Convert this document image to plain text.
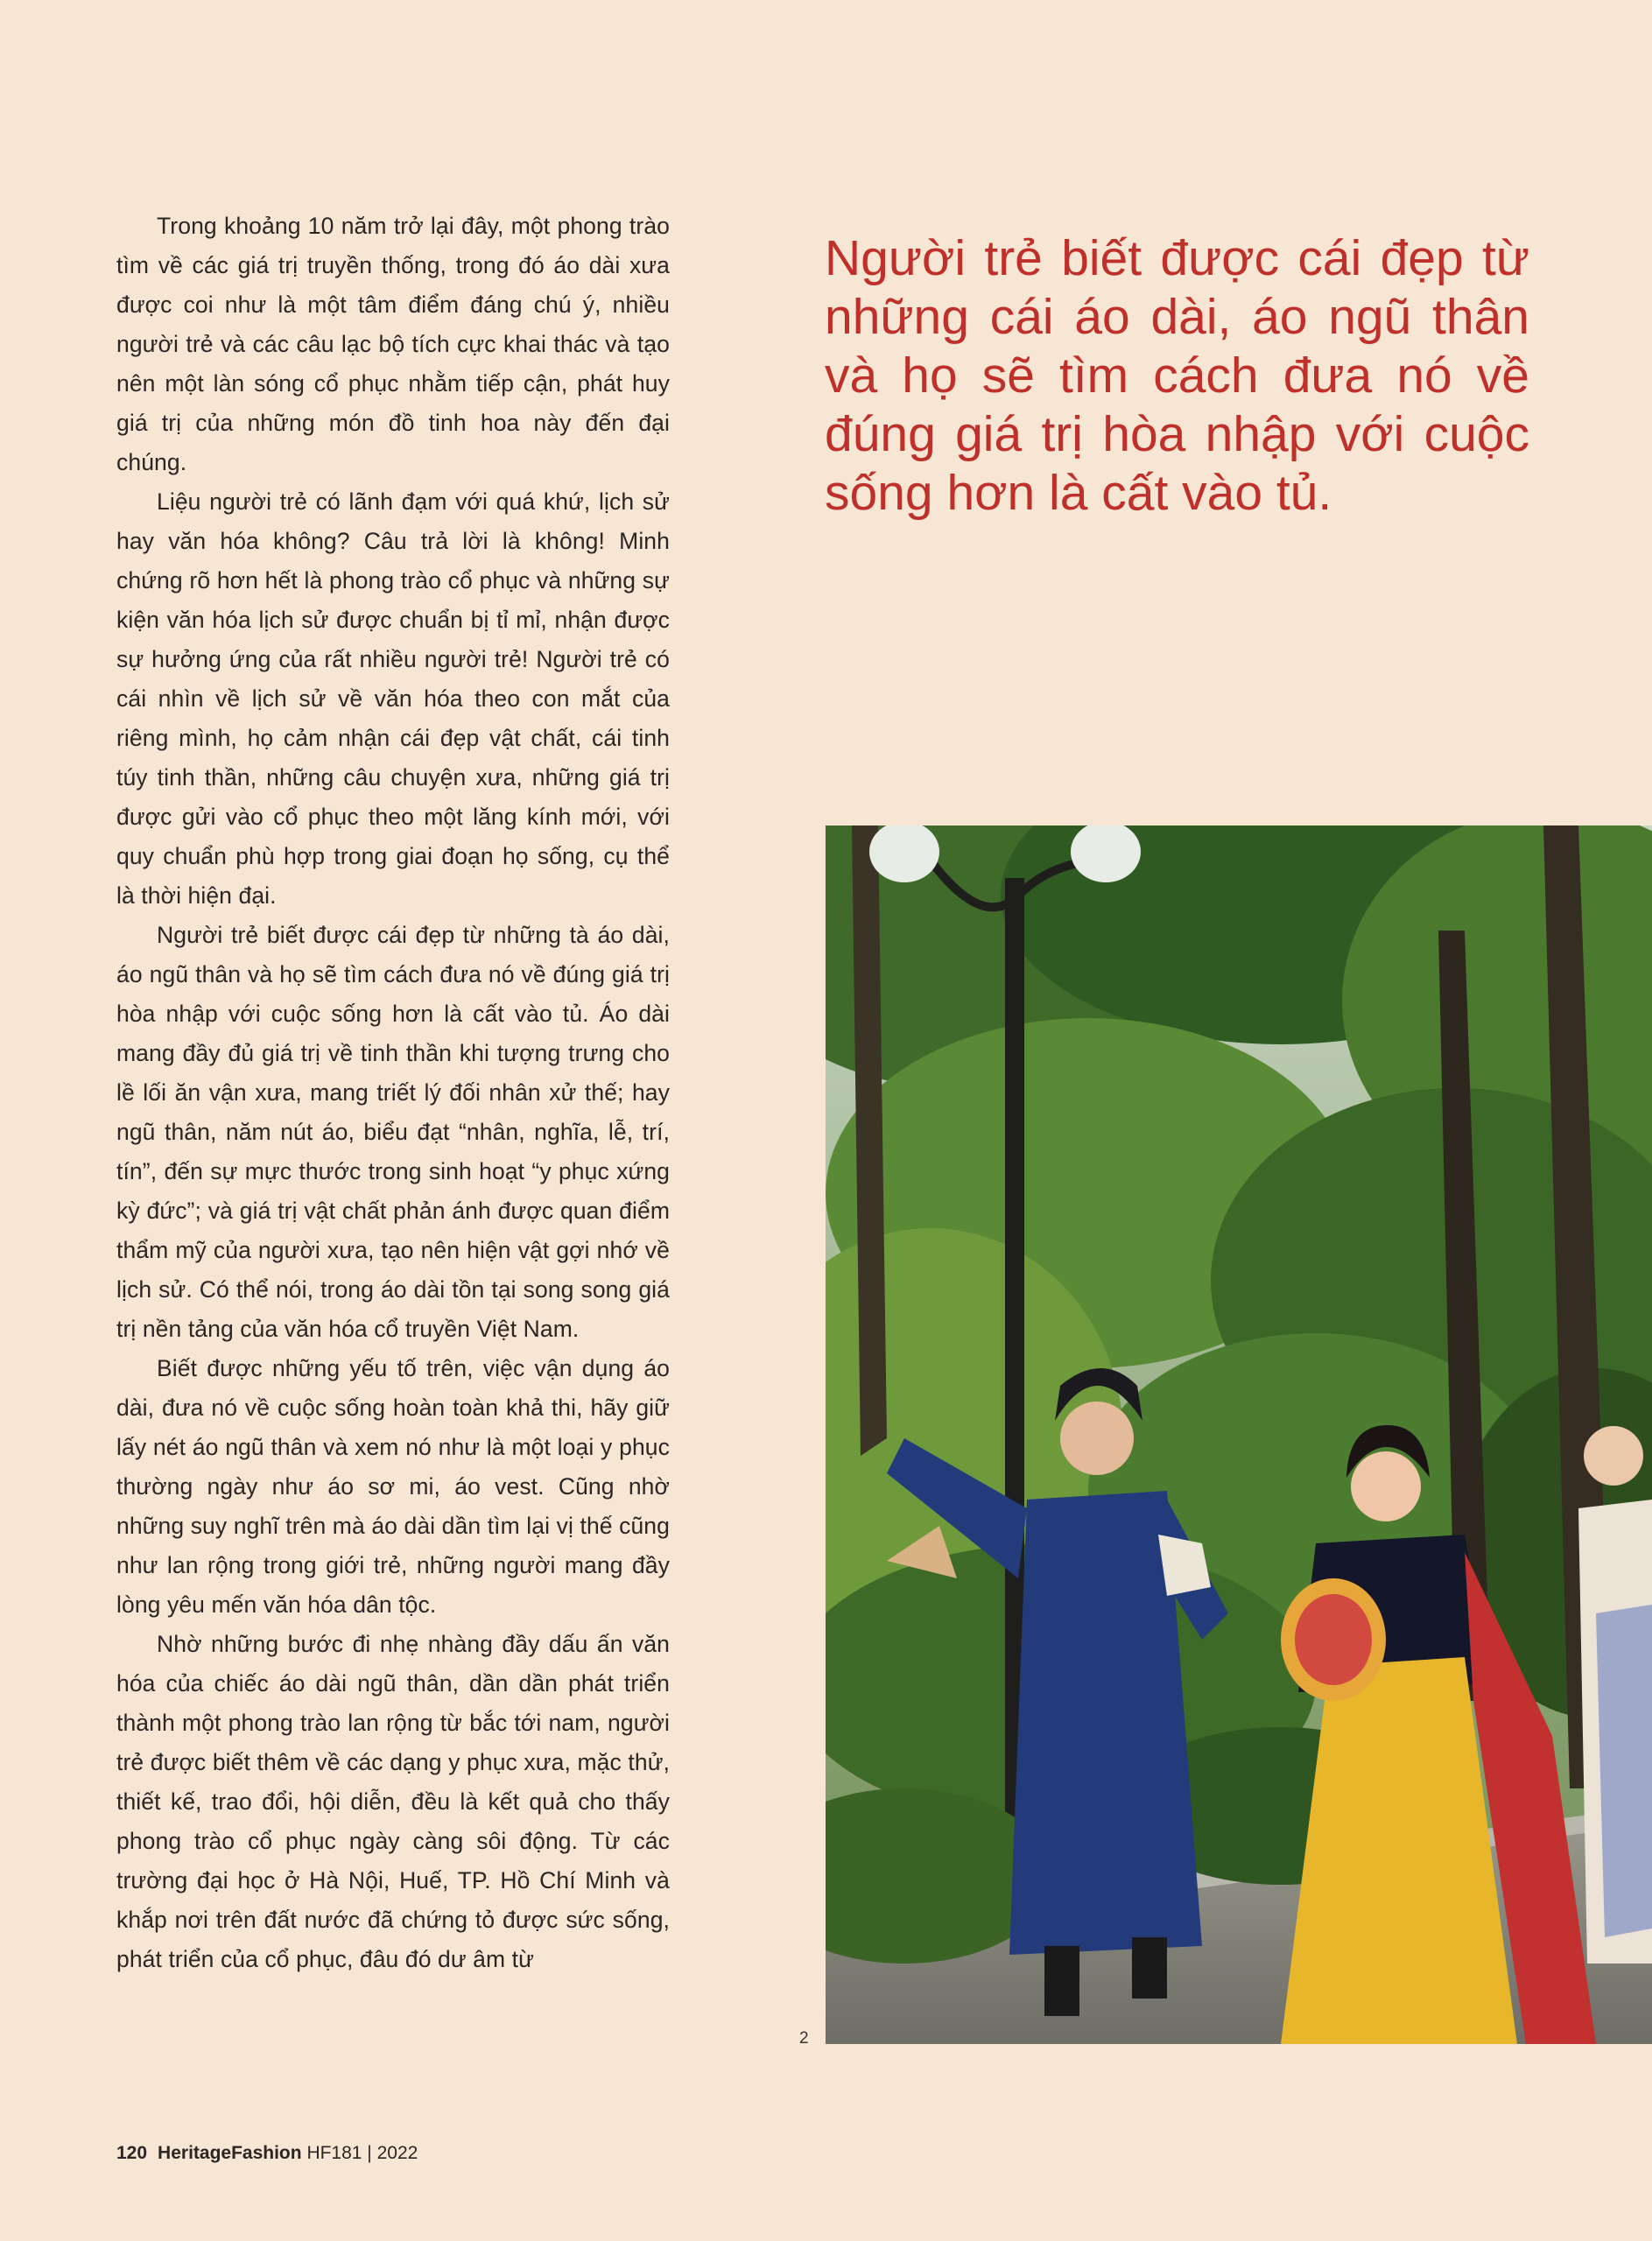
Trong khoảng 10 năm trở lại đây, một phong trào tìm về các giá trị truyền thống, trong đó áo dài xưa được coi như là một tâm điểm đáng chú ý, nhiều người trẻ và các câu lạc bộ tích cực khai thác và tạo nên một làn sóng cổ phục nhằm tiếp cận, phát huy giá trị của những món đồ tinh hoa này đến đại chúng.

Liệu người trẻ có lãnh đạm với quá khứ, lịch sử hay văn hóa không? Câu trả lời là không! Minh chứng rõ hơn hết là phong trào cổ phục và những sự kiện văn hóa lịch sử được chuẩn bị tỉ mỉ, nhận được sự hưởng ứng của rất nhiều người trẻ! Người trẻ có cái nhìn về lịch sử về văn hóa theo con mắt của riêng mình, họ cảm nhận cái đẹp vật chất, cái tinh túy tinh thần, những câu chuyện xưa, những giá trị được gửi vào cổ phục theo một lăng kính mới, với quy chuẩn phù hợp trong giai đoạn họ sống, cụ thể là thời hiện đại.

Người trẻ biết được cái đẹp từ những tà áo dài, áo ngũ thân và họ sẽ tìm cách đưa nó về đúng giá trị hòa nhập với cuộc sống hơn là cất vào tủ. Áo dài mang đầy đủ giá trị về tinh thần khi tượng trưng cho lề lối ăn vận xưa, mang triết lý đối nhân xử thế; hay ngũ thân, năm nút áo, biểu đạt “nhân, nghĩa, lễ, trí, tín”, đến sự mực thước trong sinh hoạt “y phục xứng kỳ đức”; và giá trị vật chất phản ánh được quan điểm thẩm mỹ của người xưa, tạo nên hiện vật gợi nhớ về lịch sử. Có thể nói, trong áo dài tồn tại song song giá trị nền tảng của văn hóa cổ truyền Việt Nam.

Biết được những yếu tố trên, việc vận dụng áo dài, đưa nó về cuộc sống hoàn toàn khả thi, hãy giữ lấy nét áo ngũ thân và xem nó như là một loại y phục thường ngày như áo sơ mi, áo vest. Cũng nhờ những suy nghĩ trên mà áo dài dần tìm lại vị thế cũng như lan rộng trong giới trẻ, những người mang đầy lòng yêu mến văn hóa dân tộc.

Nhờ những bước đi nhẹ nhàng đầy dấu ấn văn hóa của chiếc áo dài ngũ thân, dần dần phát triển thành một phong trào lan rộng từ bắc tới nam, người trẻ được biết thêm về các dạng y phục xưa, mặc thử, thiết kế, trao đổi, hội diễn, đều là kết quả cho thấy phong trào cổ phục ngày càng sôi động. Từ các trường đại học ở Hà Nội, Huế, TP. Hồ Chí Minh và khắp nơi trên đất nước đã chứng tỏ được sức sống, phát triển của cổ phục, đâu đó dư âm từ

Người trẻ biết được cái đẹp từ những cái áo dài, áo ngũ thân và họ sẽ tìm cách đưa nó về đúng giá trị hòa nhập với cuộc sống hơn là cất vào tủ.
2
120 HeritageFashion HF181 | 2022
